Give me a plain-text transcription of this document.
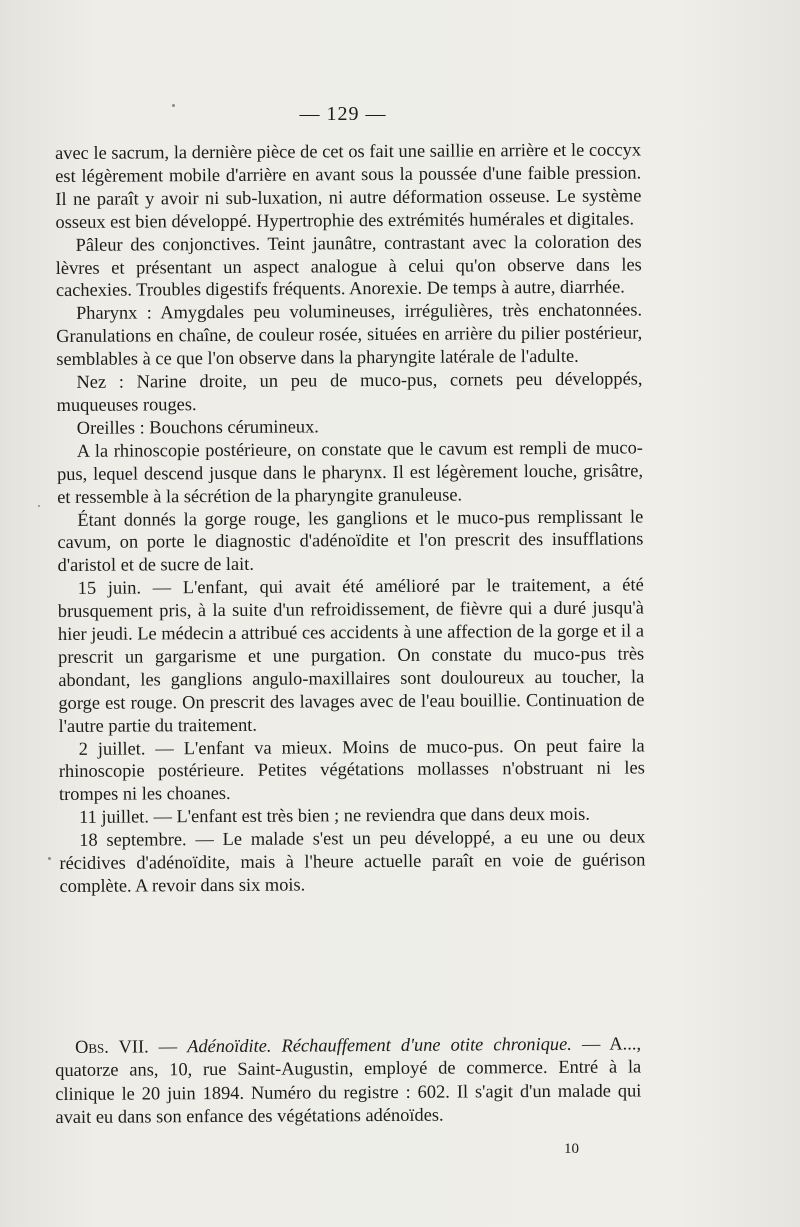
— 129 —

avec le sacrum, la dernière pièce de cet os fait une saillie en arrière et le coccyx est légèrement mobile d'arrière en avant sous la poussée d'une faible pression. Il ne paraît y avoir ni sub-luxation, ni autre déformation osseuse. Le système osseux est bien développé. Hypertrophie des extrémités humérales et digitales.

Pâleur des conjonctives. Teint jaunâtre, contrastant avec la coloration des lèvres et présentant un aspect analogue à celui qu'on observe dans les cachexies. Troubles digestifs fréquents. Anorexie. De temps à autre, diarrhée.

Pharynx : Amygdales peu volumineuses, irrégulières, très enchatonnées. Granulations en chaîne, de couleur rosée, situées en arrière du pilier postérieur, semblables à ce que l'on observe dans la pharyngite latérale de l'adulte.

Nez : Narine droite, un peu de muco-pus, cornets peu développés, muqueuses rouges.

Oreilles : Bouchons cérumineux.

A la rhinoscopie postérieure, on constate que le cavum est rempli de muco-pus, lequel descend jusque dans le pharynx. Il est légèrement louche, grisâtre, et ressemble à la sécrétion de la pharyngite granuleuse.

Étant donnés la gorge rouge, les ganglions et le muco-pus remplissant le cavum, on porte le diagnostic d'adénoïdite et l'on prescrit des insufflations d'aristol et de sucre de lait.

15 juin. — L'enfant, qui avait été amélioré par le traitement, a été brusquement pris, à la suite d'un refroidissement, de fièvre qui a duré jusqu'à hier jeudi. Le médecin a attribué ces accidents à une affection de la gorge et il a prescrit un gargarisme et une purgation. On constate du muco-pus très abondant, les ganglions angulo-maxillaires sont douloureux au toucher, la gorge est rouge. On prescrit des lavages avec de l'eau bouillie. Continuation de l'autre partie du traitement.

2 juillet. — L'enfant va mieux. Moins de muco-pus. On peut faire la rhinoscopie postérieure. Petites végétations mollasses n'obstruant ni les trompes ni les choanes.

11 juillet. — L'enfant est très bien ; ne reviendra que dans deux mois.

18 septembre. — Le malade s'est un peu développé, a eu une ou deux récidives d'adénoïdite, mais à l'heure actuelle paraît en voie de guérison complète. A revoir dans six mois.

Obs. VII. — Adénoïdite. Réchauffement d'une otite chronique. — A..., quatorze ans, 10, rue Saint-Augustin, employé de commerce. Entré à la clinique le 20 juin 1894. Numéro du registre : 602. Il s'agit d'un malade qui avait eu dans son enfance des végétations adénoïdes.

10
